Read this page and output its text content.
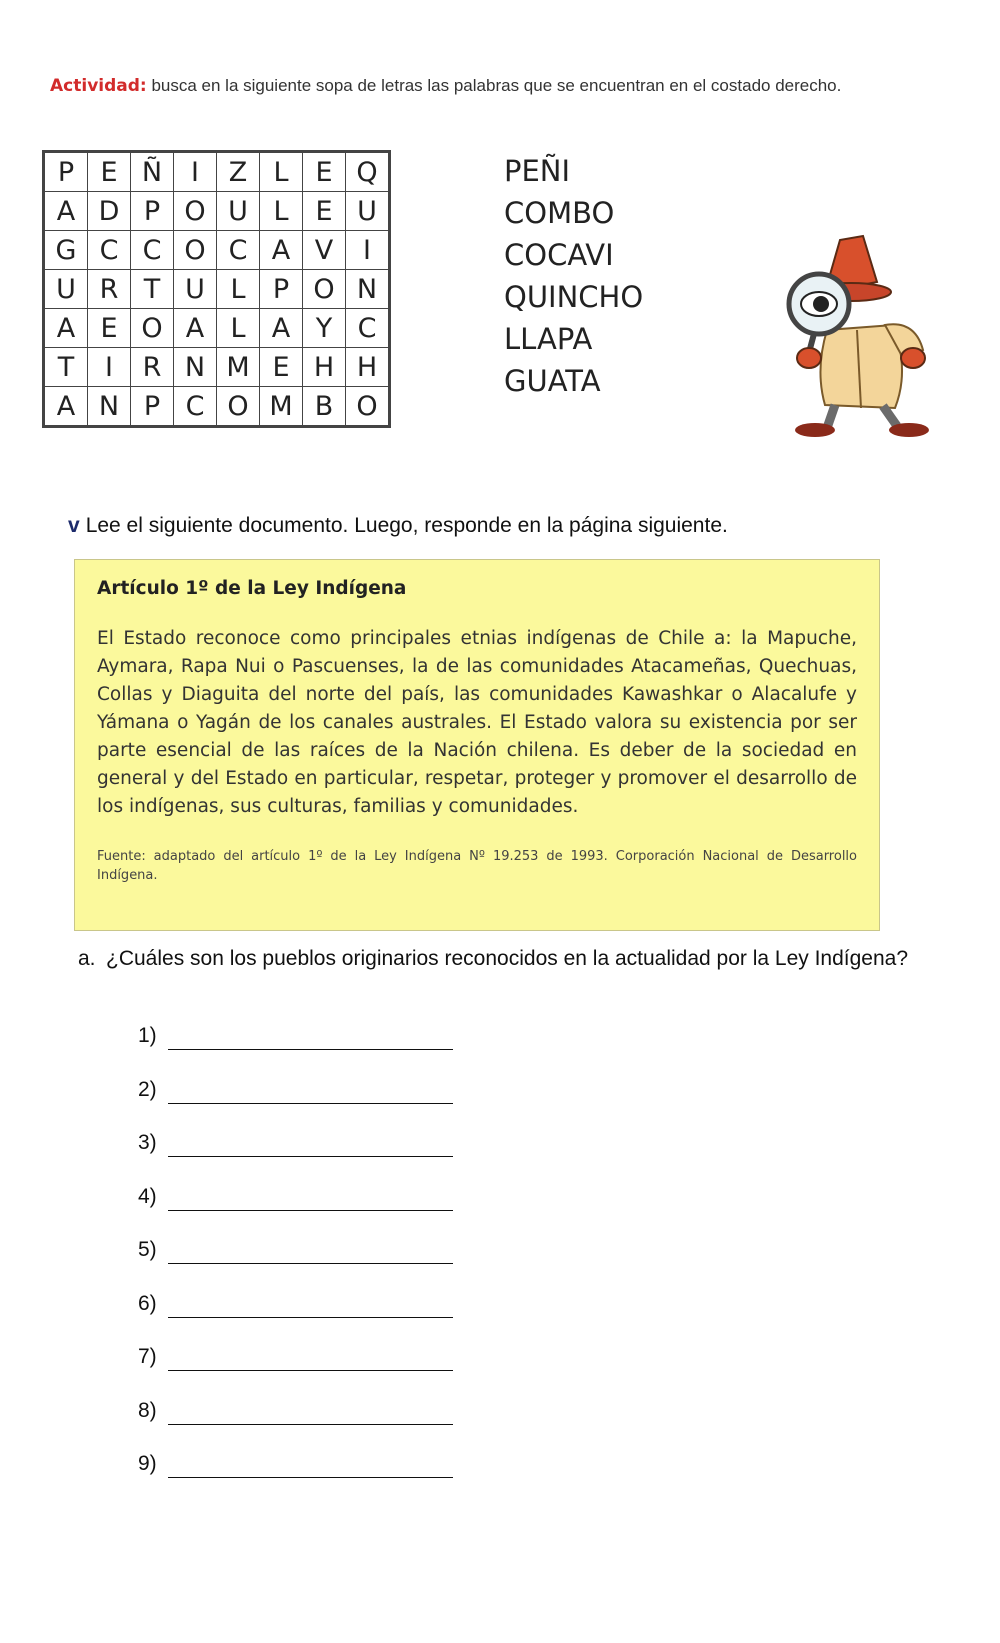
Actividad: busca en la siguiente sopa de letras las palabras que se encuentran en el costado derecho.
P	E	Ñ	I	Z	L	E	Q
A	D	P	O	U	L	E	U
G	C	C	O	C	A	V	I
U	R	T	U	L	P	O	N
A	E	O	A	L	A	Y	C
T	I	R	N	M	E	H	H
A	N	P	C	O	M	B	O
PEÑI
COMBO
COCAVI
QUINCHO
LLAPA
GUATA
v Lee el siguiente documento. Luego, responde en la página siguiente.
Artículo 1º de la Ley Indígena
El Estado reconoce como principales etnias indígenas de Chile a: la Mapuche, Aymara, Rapa Nui o Pascuenses, la de las comunidades Atacameñas, Quechuas, Collas y Diaguita del norte del país, las comunidades Kawashkar o Alacalufe y Yámana o Yagán de los canales australes. El Estado valora su existencia por ser parte esencial de las raíces de la Nación chilena. Es deber de la sociedad en general y del Estado en particular, respetar, proteger y promover el desarrollo de los indígenas, sus culturas, familias y comunidades.
Fuente: adaptado del artículo 1º de la Ley Indígena Nº 19.253 de 1993. Corporación Nacional de Desarrollo Indígena.
a. ¿Cuáles son los pueblos originarios reconocidos en la actualidad por la Ley Indígena?
1)
2)
3)
4)
5)
6)
7)
8)
9)
